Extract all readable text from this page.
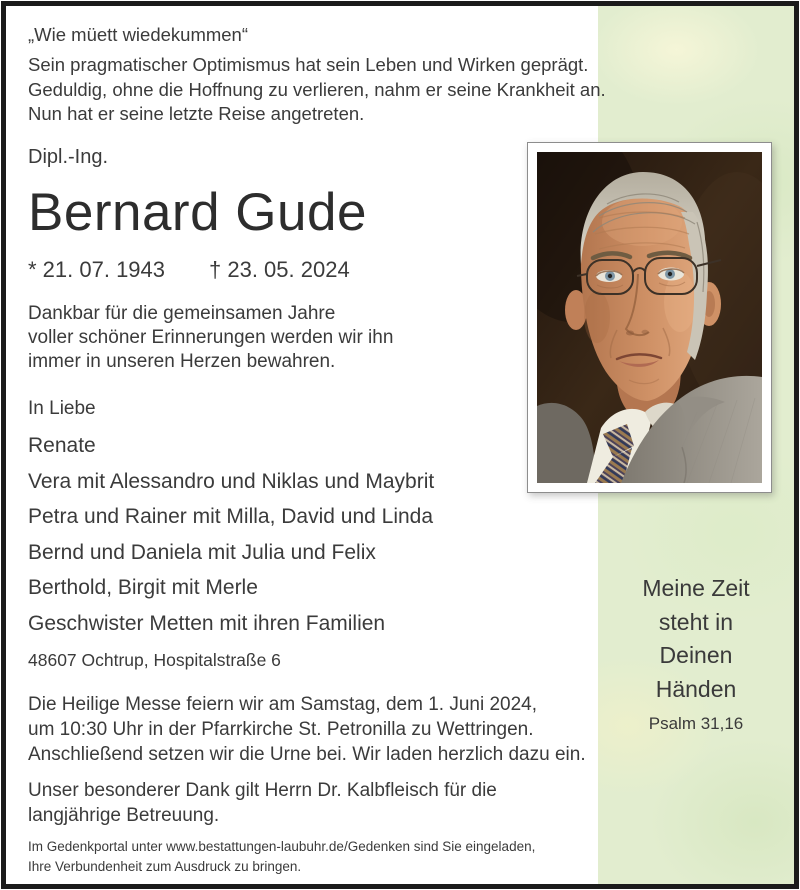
Meine Zeit
steht in
Deinen
Händen
Psalm 31,16
„Wie müett wiedekummen“
Sein pragmatischer Optimismus hat sein Leben und Wirken geprägt.
Geduldig, ohne die Hoffnung zu verlieren, nahm er seine Krankheit an.
Nun hat er seine letzte Reise angetreten.
Dipl.-Ing.
Bernard Gude
* 21. 07. 1943 † 23. 05. 2024
Dankbar für die gemeinsamen Jahre
voller schöner Erinnerungen werden wir ihn
immer in unseren Herzen bewahren.
In Liebe
Renate
Vera mit Alessandro und Niklas und Maybrit
Petra und Rainer mit Milla, David und Linda
Bernd und Daniela mit Julia und Felix
Berthold, Birgit mit Merle
Geschwister Metten mit ihren Familien
48607 Ochtrup, Hospitalstraße 6
Die Heilige Messe feiern wir am Samstag, dem 1. Juni 2024,
um 10:30 Uhr in der Pfarrkirche St. Petronilla zu Wettringen.
Anschließend setzen wir die Urne bei. Wir laden herzlich dazu ein.
Unser besonderer Dank gilt Herrn Dr. Kalbfleisch für die
langjährige Betreuung.
Im Gedenkportal unter www.bestattungen-laubuhr.de/Gedenken sind Sie eingeladen,
Ihre Verbundenheit zum Ausdruck zu bringen.
